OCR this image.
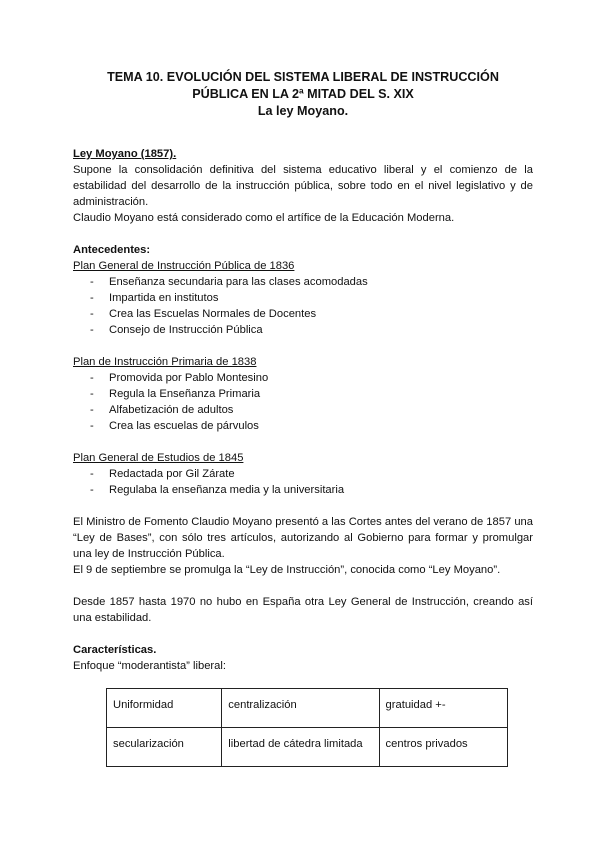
TEMA 10. EVOLUCIÓN DEL SISTEMA LIBERAL DE INSTRUCCIÓN

PÚBLICA EN LA 2ª MITAD DEL S. XIX

La ley Moyano.

Ley Moyano (1857).

Supone la consolidación definitiva del sistema educativo liberal y el comienzo de la estabilidad del desarrollo de la instrucción pública, sobre todo en el nivel legislativo y de administración.

Claudio Moyano está considerado como el artífice de la Educación Moderna.

Antecedentes:

Plan General de Instrucción Pública de 1836

- Enseñanza secundaria para las clases acomodadas
- Impartida en institutos
- Crea las Escuelas Normales de Docentes
- Consejo de Instrucción Pública

Plan de Instrucción Primaria de 1838

- Promovida por Pablo Montesino
- Regula la Enseñanza Primaria
- Alfabetización de adultos
- Crea las escuelas de párvulos

Plan General de Estudios de 1845

- Redactada por Gil Zárate
- Regulaba la enseñanza media y la universitaria

El Ministro de Fomento Claudio Moyano presentó a las Cortes antes del verano de 1857 una “Ley de Bases”, con sólo tres artículos, autorizando al Gobierno para formar y promulgar una ley de Instrucción Pública.

El 9 de septiembre se promulga la “Ley de Instrucción”, conocida como “Ley Moyano”.

Desde 1857 hasta 1970 no hubo en España otra Ley General de Instrucción, creando así una estabilidad.

Características.

Enfoque “moderantista” liberal:

Uniformidad	centralización	gratuidad +-
secularización	libertad de cátedra limitada	centros privados
